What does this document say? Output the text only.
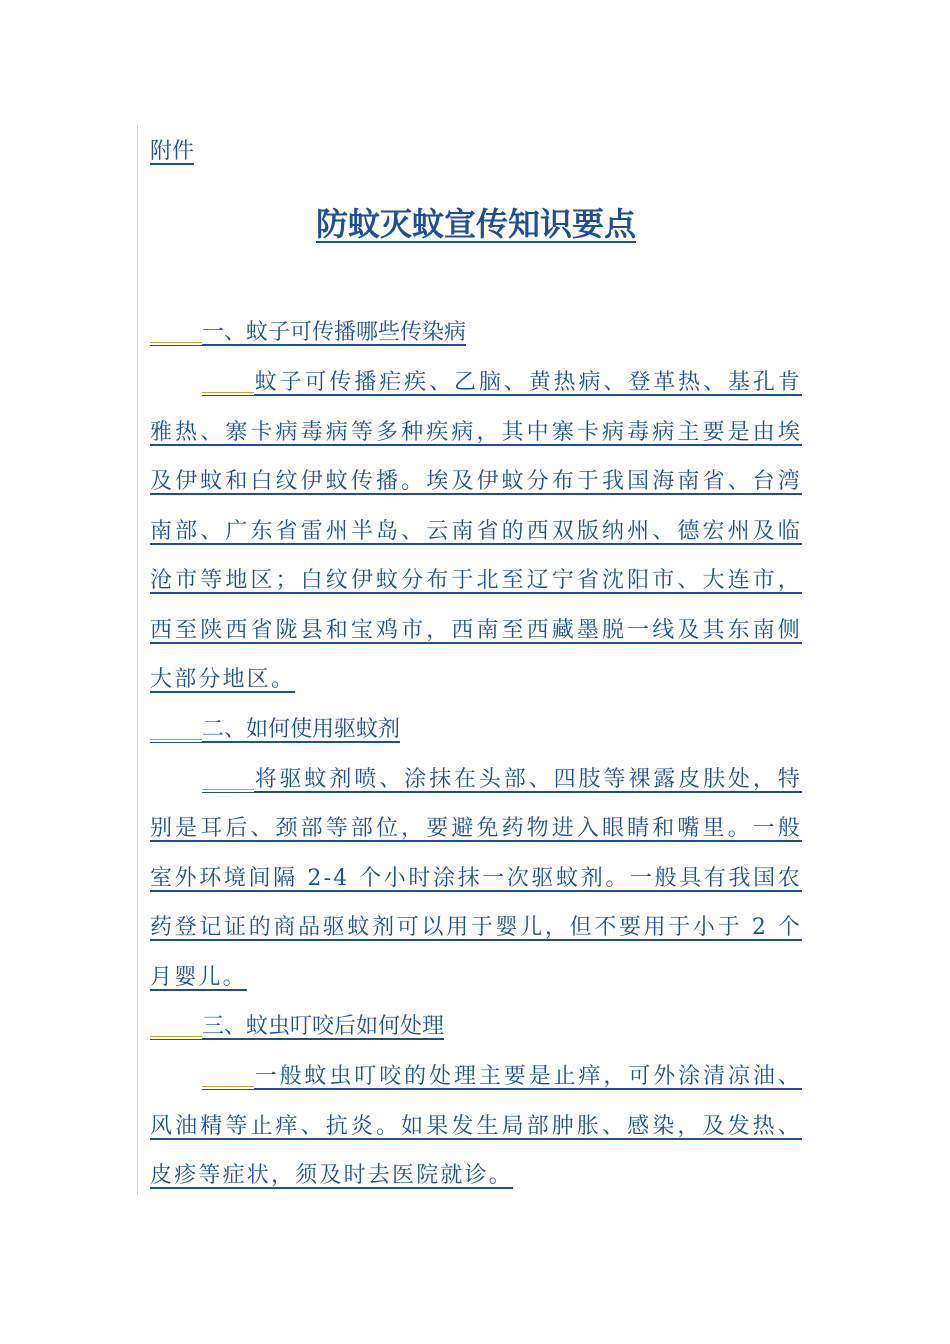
附件

防蚊灭蚊宣传知识要点
一、蚊子可传播哪些传染病

蚊子可传播疟疾、乙脑、黄热病、登革热、基孔肯雅热、寨卡病毒病等多种疾病，其中寨卡病毒病主要是由埃及伊蚊和白纹伊蚊传播。埃及伊蚊分布于我国海南省、台湾南部、广东省雷州半岛、云南省的西双版纳州、德宏州及临沧市等地区；白纹伊蚊分布于北至辽宁省沈阳市、大连市，西至陕西省陇县和宝鸡市，西南至西藏墨脱一线及其东南侧大部分地区。

二、如何使用驱蚊剂

将驱蚊剂喷、涂抹在头部、四肢等裸露皮肤处，特别是耳后、颈部等部位，要避免药物进入眼睛和嘴里。一般室外环境间隔 2-4 个小时涂抹一次驱蚊剂。一般具有我国农药登记证的商品驱蚊剂可以用于婴儿，但不要用于小于 2 个月婴儿。

三、蚊虫叮咬后如何处理

一般蚊虫叮咬的处理主要是止痒，可外涂清凉油、风油精等止痒、抗炎。如果发生局部肿胀、感染，及发热、皮疹等症状，须及时去医院就诊。
